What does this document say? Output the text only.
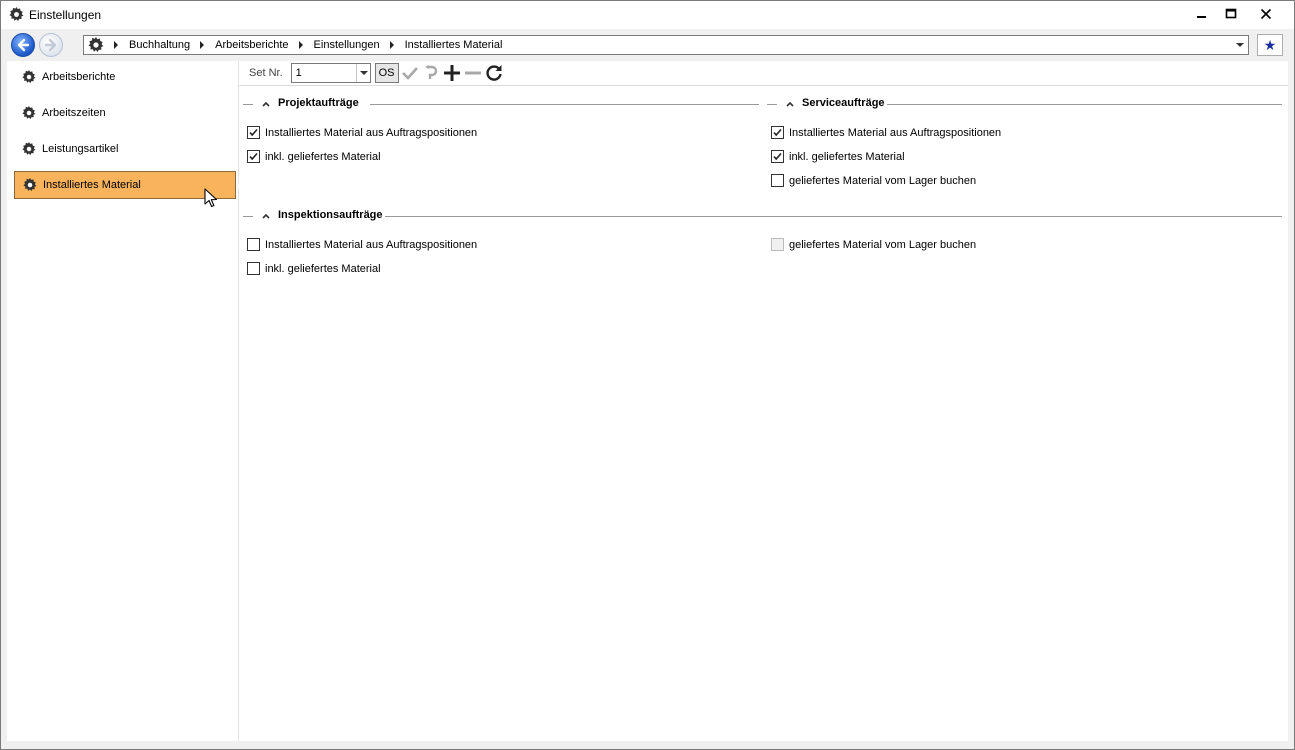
Einstellungen
Buchhaltung Arbeitsberichte Einstellungen Installiertes Material	★
Arbeitsberichte
Arbeitszeiten
Leistungsartikel
Installiertes Material
Set Nr. 1	OS
Projektaufträge
Installiertes Material aus Auftragspositionen
inkl. geliefertes Material
Serviceaufträge
Installiertes Material aus Auftragspositionen
inkl. geliefertes Material
geliefertes Material vom Lager buchen
Inspektionsaufträge
Installiertes Material aus Auftragspositionen
inkl. geliefertes Material
geliefertes Material vom Lager buchen
